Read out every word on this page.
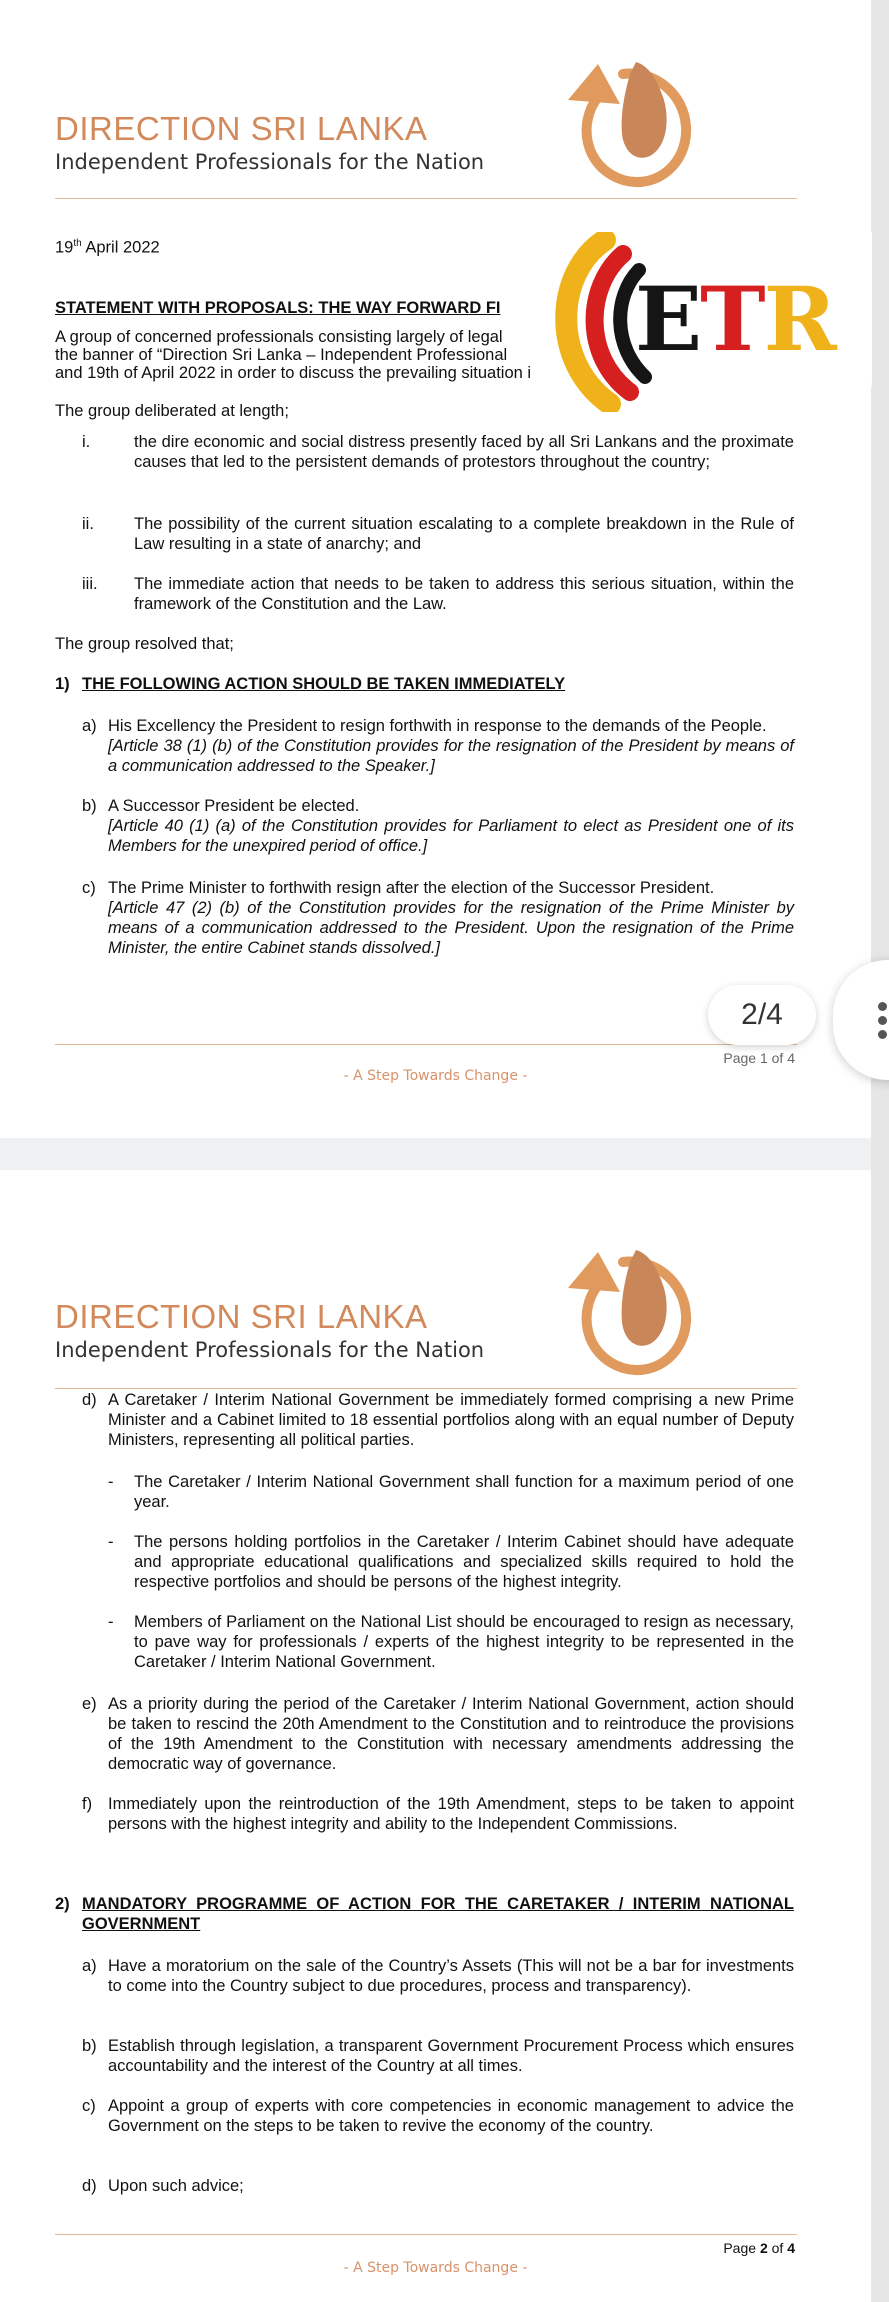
DIRECTION SRI LANKA
Independent Professionals for the Nation
19th April 2022
STATEMENT WITH PROPOSALS: THE WAY FORWARD FI
A group of concerned professionals consisting largely of legal
the banner of “Direction Sri Lanka – Independent Professional
and 19th of April 2022 in order to discuss the prevailing situation i
The group deliberated at length;
i.	the dire economic and social distress presently faced by all Sri Lankans and the proximate causes that led to the persistent demands of protestors throughout the country;
ii. The possibility of the current situation escalating to a complete breakdown in the Rule of Law resulting in a state of anarchy; and
iii. The immediate action that needs to be taken to address this serious situation, within the framework of the Constitution and the Law.
The group resolved that;
1) THE FOLLOWING ACTION SHOULD BE TAKEN IMMEDIATELY
a) His Excellency the President to resign forthwith in response to the demands of the People.
[Article 38 (1) (b) of the Constitution provides for the resignation of the President by means of a communication addressed to the Speaker.]
b) A Successor President be elected.
[Article 40 (1) (a) of the Constitution provides for Parliament to elect as President one of its Members for the unexpired period of office.]
c) The Prime Minister to forthwith resign after the election of the Successor President.
[Article 47 (2) (b) of the Constitution provides for the resignation of the Prime Minister by means of a communication addressed to the President. Upon the resignation of the Prime Minister, the entire Cabinet stands dissolved.]
Page 1 of 4
- A Step Towards Change -
ETR
DIRECTION SRI LANKA
Independent Professionals for the Nation
d) A Caretaker / Interim National Government be immediately formed comprising a new Prime Minister and a Cabinet limited to 18 essential portfolios along with an equal number of Deputy Ministers, representing all political parties.
- The Caretaker / Interim National Government shall function for a maximum period of one year.
- The persons holding portfolios in the Caretaker / Interim Cabinet should have adequate and appropriate educational qualifications and specialized skills required to hold the respective portfolios and should be persons of the highest integrity.
- Members of Parliament on the National List should be encouraged to resign as necessary, to pave way for professionals / experts of the highest integrity to be represented in the Caretaker / Interim National Government.
e) As a priority during the period of the Caretaker / Interim National Government, action should be taken to rescind the 20th Amendment to the Constitution and to reintroduce the provisions of the 19th Amendment to the Constitution with necessary amendments addressing the democratic way of governance.
f) Immediately upon the reintroduction of the 19th Amendment, steps to be taken to appoint persons with the highest integrity and ability to the Independent Commissions.
2) MANDATORY PROGRAMME OF ACTION FOR THE CARETAKER / INTERIM NATIONAL GOVERNMENT
a) Have a moratorium on the sale of the Country’s Assets (This will not be a bar for investments to come into the Country subject to due procedures, process and transparency).
b) Establish through legislation, a transparent Government Procurement Process which ensures accountability and the interest of the Country at all times.
c) Appoint a group of experts with core competencies in economic management to advice the Government on the steps to be taken to revive the economy of the country.
d) Upon such advice;
Page 2 of 4
- A Step Towards Change -
2/4
